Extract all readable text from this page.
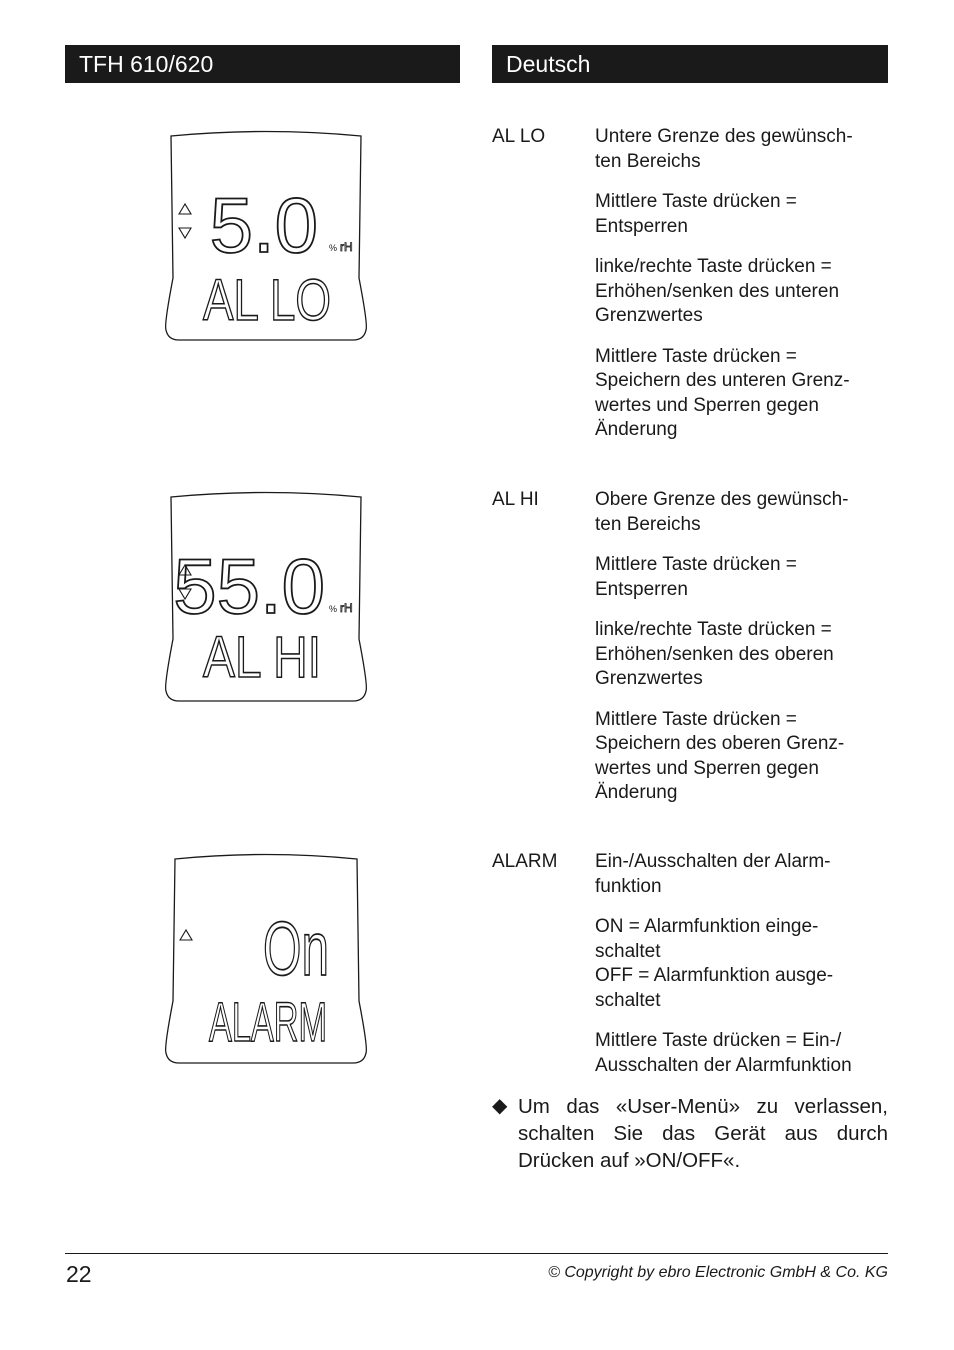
TFH 610/620	Deutsch
5.0 % rH
AL LO
55.0 % rH
AL HI
On
ALARM
AL LO	Untere Grenze des gewünsch-
ten Bereichs

Mittlere Taste drücken =
Entsperren

linke/rechte Taste drücken =
Erhöhen/senken des unteren
Grenzwertes

Mittlere Taste drücken =
Speichern des unteren Grenz-
wertes und Sperren gegen
Änderung

AL HI	Obere Grenze des gewünsch-
ten Bereichs

Mittlere Taste drücken =
Entsperren

linke/rechte Taste drücken =
Erhöhen/senken des oberen
Grenzwertes

Mittlere Taste drücken =
Speichern des oberen Grenz-
wertes und Sperren gegen
Änderung

ALARM Ein-/Ausschalten der Alarm-
funktion

ON = Alarmfunktion einge-
schaltet
OFF = Alarmfunktion ausge-
schaltet

Mittlere Taste drücken = Ein-/
Ausschalten der Alarmfunktion

◆ Um das «User-Menü» zu verlassen, schalten Sie das Gerät aus durch Drücken auf »ON/OFF«.
22	© Copyright by ebro Electronic GmbH & Co. KG
